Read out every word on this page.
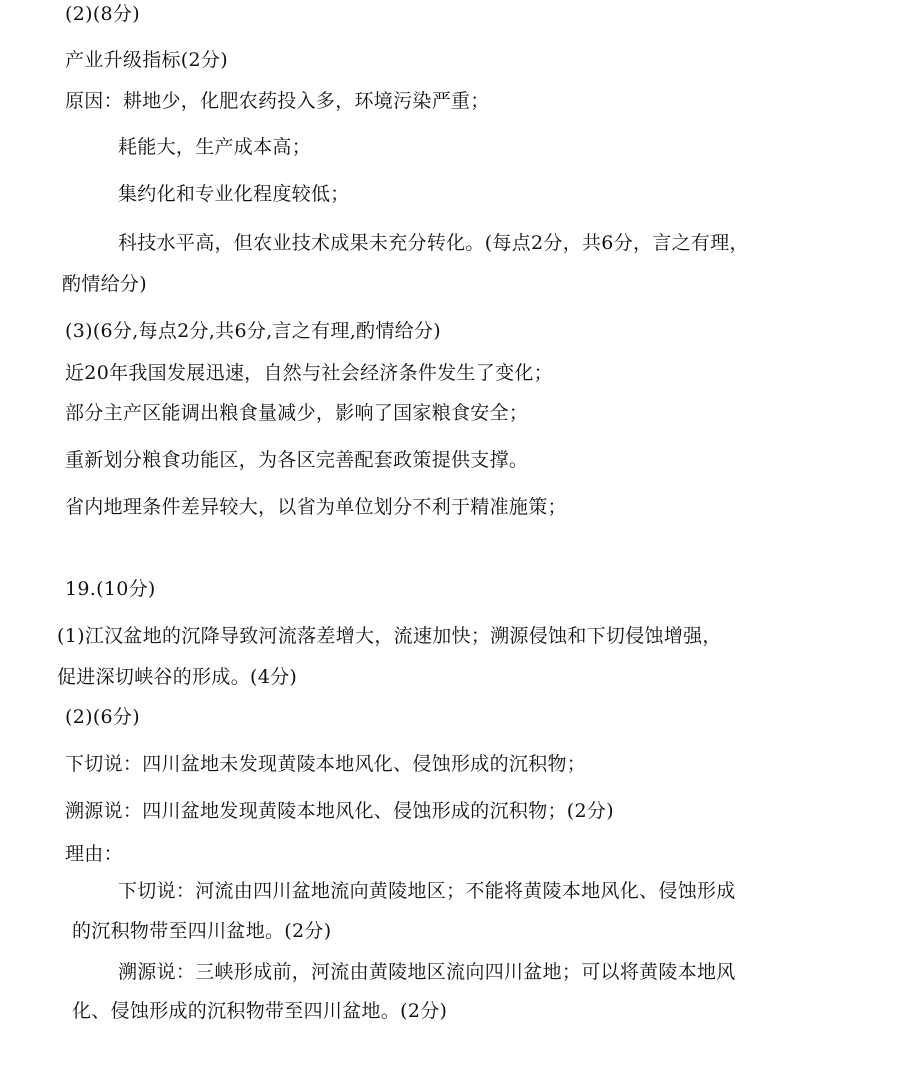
(2)(8分)
产业升级指标(2分)
原因：耕地少，化肥农药投入多，环境污染严重；
耗能大，生产成本高；
集约化和专业化程度较低；
科技水平高，但农业技术成果未充分转化。(每点2分，共6分，言之有理，
酌情给分)
(3)(6分,每点2分,共6分,言之有理,酌情给分)
近20年我国发展迅速，自然与社会经济条件发生了变化；
部分主产区能调出粮食量减少，影响了国家粮食安全；
重新划分粮食功能区，为各区完善配套政策提供支撑。
省内地理条件差异较大，以省为单位划分不利于精准施策；
19.(10分)
(1)江汉盆地的沉降导致河流落差增大，流速加快；溯源侵蚀和下切侵蚀增强，
促进深切峡谷的形成。(4分)
(2)(6分)
下切说：四川盆地未发现黄陵本地风化、侵蚀形成的沉积物；
溯源说：四川盆地发现黄陵本地风化、侵蚀形成的沉积物；(2分)
理由：
下切说：河流由四川盆地流向黄陵地区；不能将黄陵本地风化、侵蚀形成
的沉积物带至四川盆地。(2分)
溯源说：三峡形成前，河流由黄陵地区流向四川盆地；可以将黄陵本地风
化、侵蚀形成的沉积物带至四川盆地。(2分)
